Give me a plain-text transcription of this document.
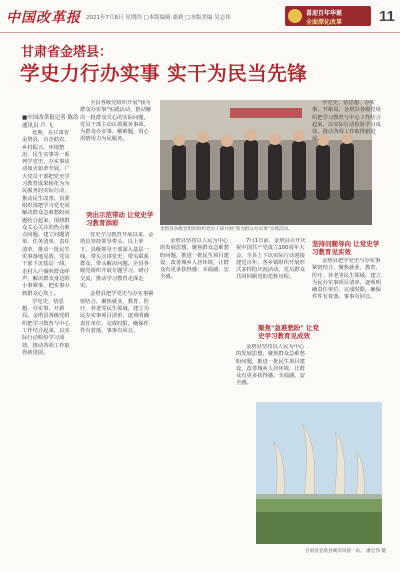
中国改革报 2021年7月8日 星期四 □本版编辑 桑莉 □本版美编 吴志伟
喜迎百年华诞
全面深化改革 11
甘肃省金塔县：
学史力行办实事 实干为民当先锋
■中国改革报记者 陈浩
通讯员 卢 飞

近期，在甘肃省金塔县，百企助农、乡村振兴、环境整治、民生实事等一系列学党史、办实事活动如火如荼开展，广大党员干部把党史学习教育成果转化为为民服务的实际行动，推动民生改善。县委组织部把学习党史同解决群众急难愁盼问题结合起来，围绕群众关心关注的热点难点问题，建立问题清单、任务清单、责任清单，推动一批民生实事落地见效，党员干部下沉基层一线，走村入户倾听群众呼声，解决群众身边的小事难事，把实事办到群众心坎上。

学党史、悟思想、办实事、开新局。金塔县各级党组织把学习教育与中心工作结合起来，以实际行动检验学习成效，推动各项工作取得新进展。

全县各级党组织开展"我为群众办实事"实践活动，推动解决一批群众关心的实际问题。党员干部主动认领服务事项，为群众办实事、解难题，用心用情用力为民服务。

突出示范带动 让党史学习教育添彩

党史学习教育开展以来，金塔县坚持领导带头、以上率下，县级领导干部深入基层一线，带头宣讲党史，带头联系群众，带头解决问题。全县各级党组织开展专题学习、研讨交流，推动学习教育走深走实。

金塔县把学党史与办实事紧密结合，聚焦就业、教育、医疗、养老等民生领域，建立为民办实事项目清单，逐项明确责任单位、完成时限，确保件件有着落、事事有回音。

金塔县各级党组织组织党员干部开展"我为群众办实事"实践活动。

金塔县坚持以人民为中心的发展思想，聚焦群众急难愁盼问题，推进一批民生项目建设，改善城乡人居环境，让群众有更多获得感、幸福感、安全感。

7月1日前，金塔县召开庆祝中国共产党成立100周年大会，全县上下以实际行动迎接建党百年。各乡镇组织开展形式多样的庆祝活动，党员群众共同回顾党的光辉历程。

聚焦"急难愁盼" 让党史学习教育见成效

金塔县坚持以人民为中心的发展思想，聚焦群众急难愁盼问题，推进一批民生项目建设，改善城乡人居环境，让群众有更多获得感、幸福感、安全感。

学党史、悟思想、办实事、开新局。金塔县各级党组织把学习教育与中心工作结合起来，以实际行动检验学习成效，推动各项工作取得新进展。

坚持问题导向 让党史学习教育见实效

金塔县把学党史与办实事紧密结合，聚焦就业、教育、医疗、养老等民生领域，建立为民办实事项目清单，逐项明确责任单位、完成时限，确保件件有着落、事事有回音。

甘肃省金塔县城市风貌一角。 潘宏伟 摄
